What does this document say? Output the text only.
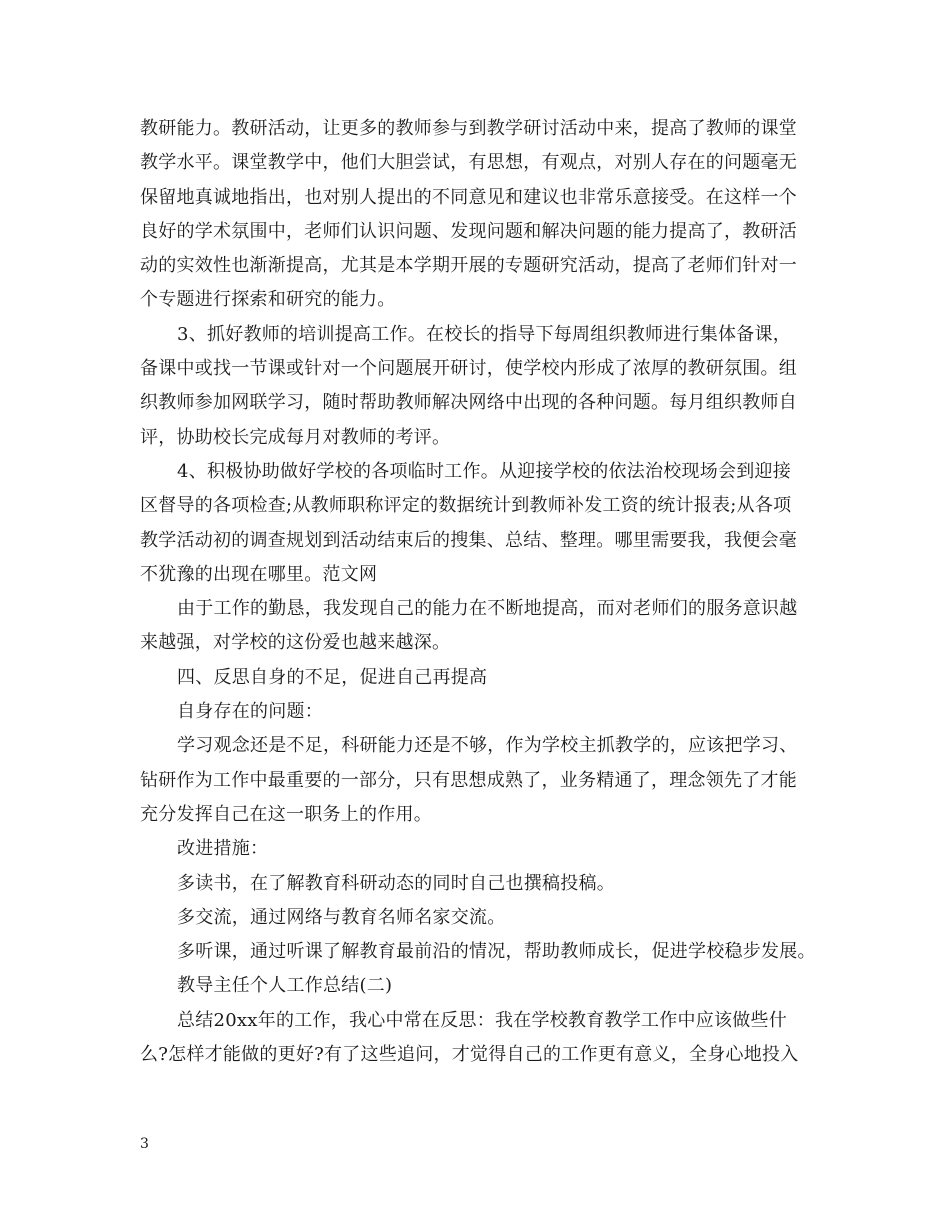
教研能力。教研活动，让更多的教师参与到教学研讨活动中来，提高了教师的课堂
教学水平。课堂教学中，他们大胆尝试，有思想，有观点，对别人存在的问题毫无
保留地真诚地指出，也对别人提出的不同意见和建议也非常乐意接受。在这样一个
良好的学术氛围中，老师们认识问题、发现问题和解决问题的能力提高了，教研活
动的实效性也渐渐提高，尤其是本学期开展的专题研究活动，提高了老师们针对一
个专题进行探索和研究的能力。
3、抓好教师的培训提高工作。在校长的指导下每周组织教师进行集体备课，
备课中或找一节课或针对一个问题展开研讨，使学校内形成了浓厚的教研氛围。组
织教师参加网联学习，随时帮助教师解决网络中出现的各种问题。每月组织教师自
评，协助校长完成每月对教师的考评。
4、积极协助做好学校的各项临时工作。从迎接学校的依法治校现场会到迎接
区督导的各项检查;从教师职称评定的数据统计到教师补发工资的统计报表;从各项
教学活动初的调查规划到活动结束后的搜集、总结、整理。哪里需要我，我便会毫
不犹豫的出现在哪里。范文网
由于工作的勤恳，我发现自己的能力在不断地提高，而对老师们的服务意识越
来越强，对学校的这份爱也越来越深。
四、反思自身的不足，促进自己再提高
自身存在的问题：
学习观念还是不足，科研能力还是不够，作为学校主抓教学的，应该把学习、
钻研作为工作中最重要的一部分，只有思想成熟了，业务精通了，理念领先了才能
充分发挥自己在这一职务上的作用。
改进措施：
多读书，在了解教育科研动态的同时自己也撰稿投稿。
多交流，通过网络与教育名师名家交流。
多听课，通过听课了解教育最前沿的情况，帮助教师成长，促进学校稳步发展。
教导主任个人工作总结(二)
总结20xx年的工作，我心中常在反思：我在学校教育教学工作中应该做些什
么?怎样才能做的更好?有了这些追问，才觉得自己的工作更有意义，全身心地投入
3
